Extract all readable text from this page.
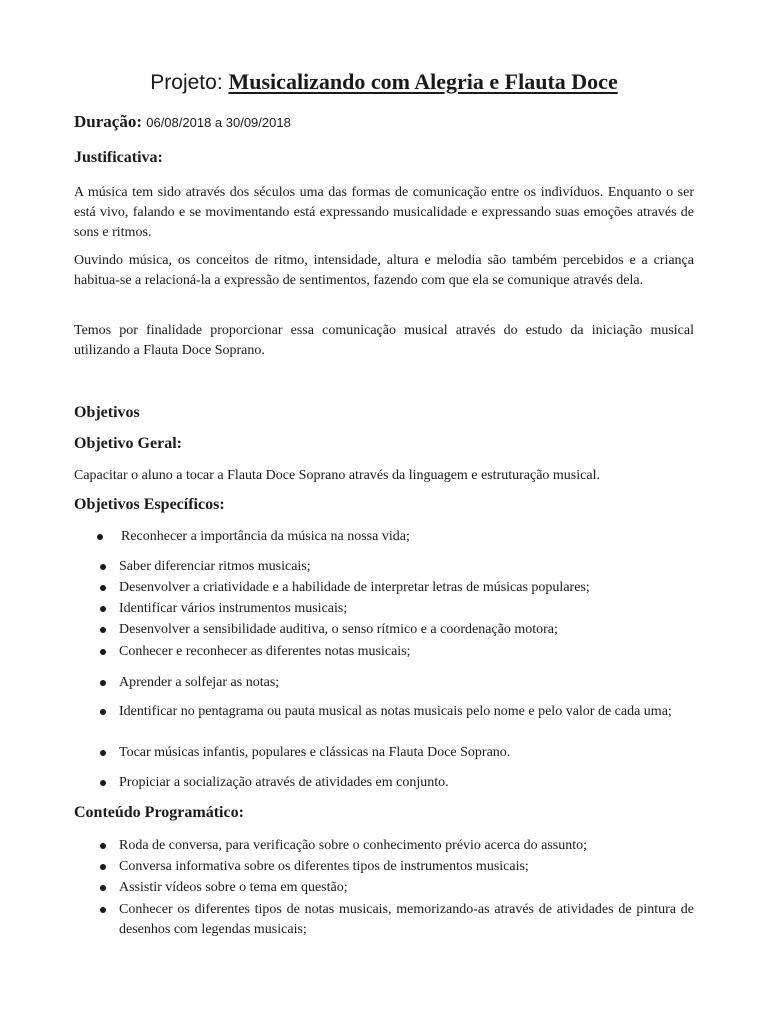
Projeto: Musicalizando com Alegria e Flauta Doce
Duração: 06/08/2018 a 30/09/2018
Justificativa:
A música tem sido através dos séculos uma das formas de comunicação entre os indivíduos. Enquanto o ser está vivo, falando e se movimentando está expressando musicalidade e expressando suas emoções através de sons e ritmos.
Ouvindo música, os conceitos de ritmo, intensidade, altura e melodia são também percebidos e a criança habitua-se a relacioná-la a expressão de sentimentos, fazendo com que ela se comunique através dela.
Temos por finalidade proporcionar essa comunicação musical através do estudo da iniciação musical utilizando a Flauta Doce Soprano.
Objetivos
Objetivo Geral:
Capacitar o aluno a tocar a Flauta Doce Soprano através da linguagem e estruturação musical.
Objetivos Específicos:
Reconhecer a importância da música na nossa vida;
Saber diferenciar ritmos musicais;
Desenvolver a criatividade e a habilidade de interpretar letras de músicas populares;
Identificar vários instrumentos musicais;
Desenvolver a sensibilidade auditiva, o senso rítmico e a coordenação motora;
Conhecer e reconhecer as diferentes notas musicais;
Aprender a solfejar as notas;
Identificar no pentagrama ou pauta musical as notas musicais pelo nome e pelo valor de cada uma;
Tocar músicas infantis, populares e clássicas na Flauta Doce Soprano.
Propiciar a socialização através de atividades em conjunto.
Conteúdo Programático:
Roda de conversa, para verificação sobre o conhecimento prévio acerca do assunto;
Conversa informativa sobre os diferentes tipos de instrumentos musicais;
Assistir vídeos sobre o tema em questão;
Conhecer os diferentes tipos de notas musicais, memorizando-as através de atividades de pintura de desenhos com legendas musicais;
